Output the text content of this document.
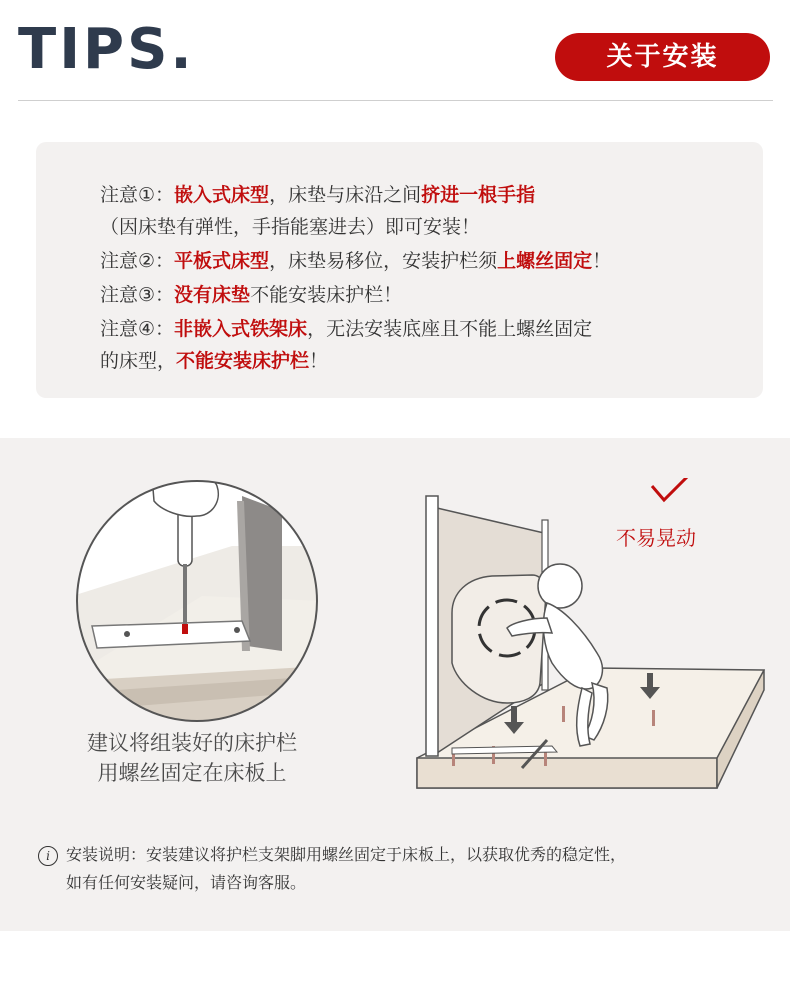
TIPS.	关于安装
注意①：嵌入式床型，床垫与床沿之间挤进一根手指
（因床垫有弹性，手指能塞进去）即可安装！
注意②：平板式床型，床垫易移位，安装护栏须上螺丝固定！
注意③：没有床垫不能安装床护栏！
注意④：非嵌入式铁架床，无法安装底座且不能上螺丝固定
的床型，不能安装床护栏！
建议将组装好的床护栏
用螺丝固定在床板上
不易晃动
i	安装说明：安装建议将护栏支架脚用螺丝固定于床板上，以获取优秀的稳定性，
如有任何安装疑问，请咨询客服。
